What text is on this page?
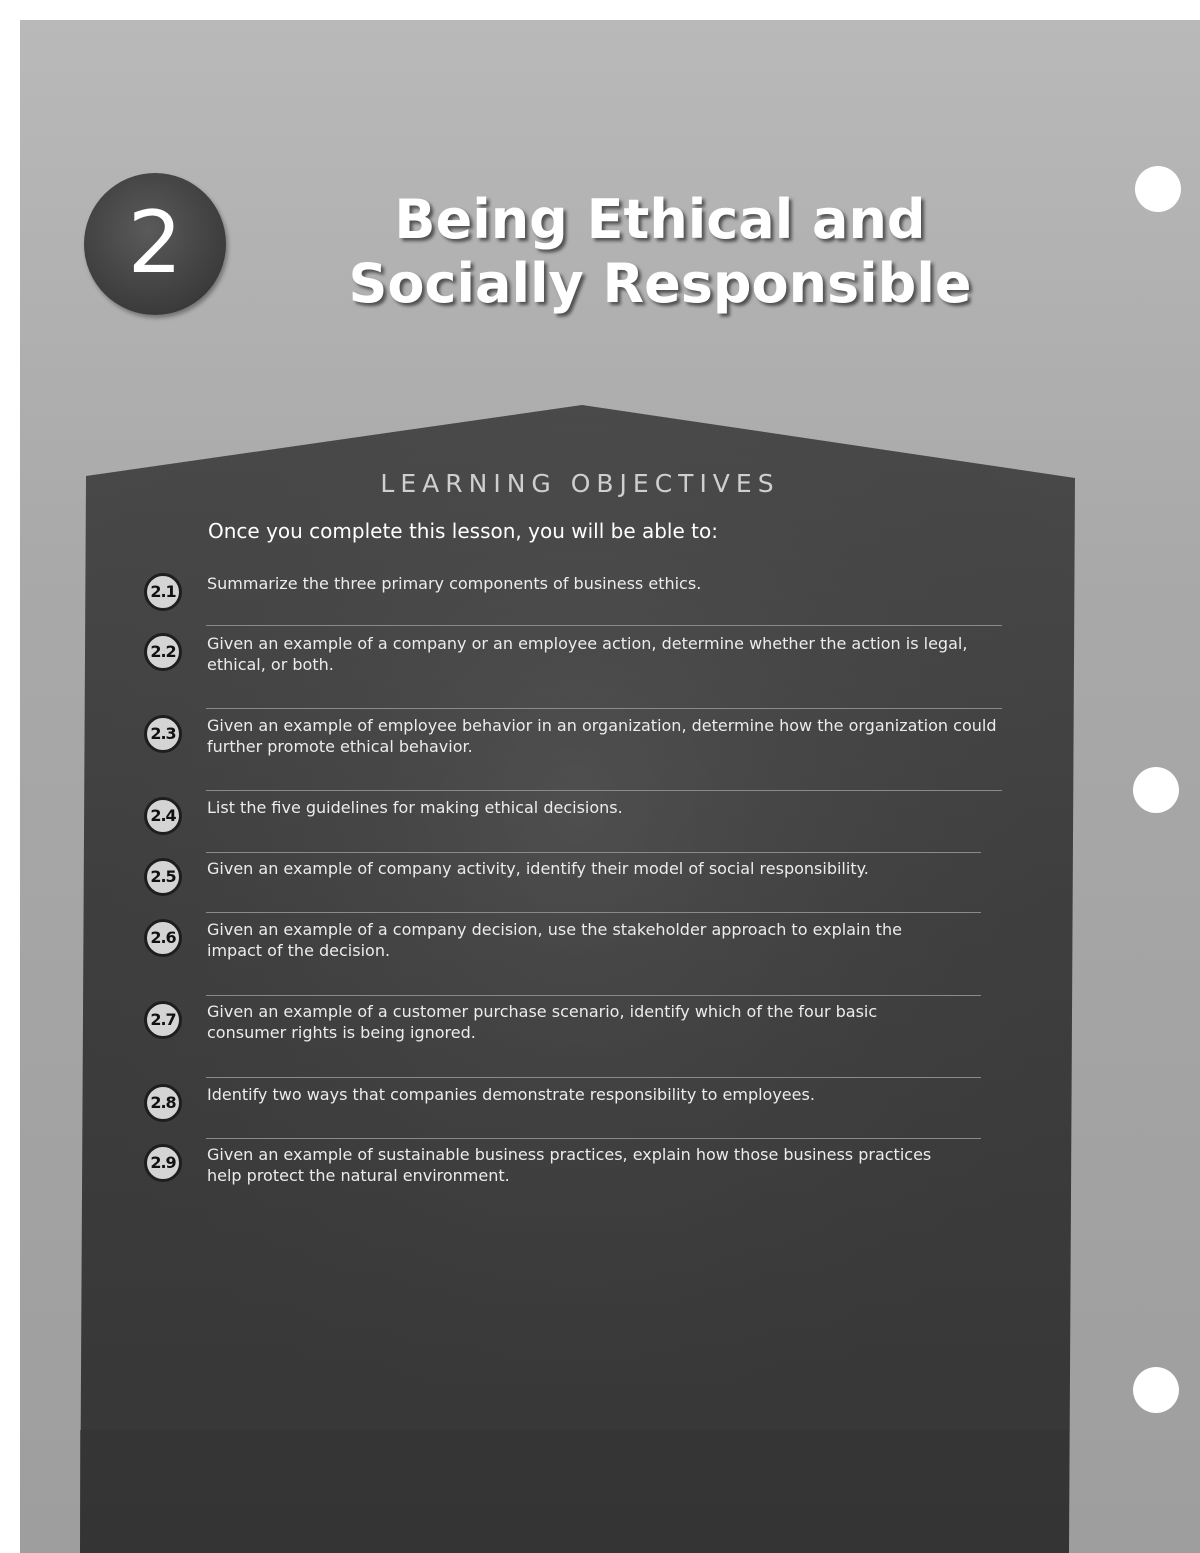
2	Being Ethical and Socially Responsible
LEARNING OBJECTIVES
Once you complete this lesson, you will be able to:
2.1	Summarize the three primary components of business ethics.
2.2	Given an example of a company or an employee action, determine whether the action is legal, ethical, or both.
2.3	Given an example of employee behavior in an organization, determine how the organization could further promote ethical behavior.
2.4	List the five guidelines for making ethical decisions.
2.5	Given an example of company activity, identify their model of social responsibility.
2.6	Given an example of a company decision, use the stakeholder approach to explain the impact of the decision.
2.7	Given an example of a customer purchase scenario, identify which of the four basic consumer rights is being ignored.
2.8	Identify two ways that companies demonstrate responsibility to employees.
2.9	Given an example of sustainable business practices, explain how those business practices help protect the natural environment.
